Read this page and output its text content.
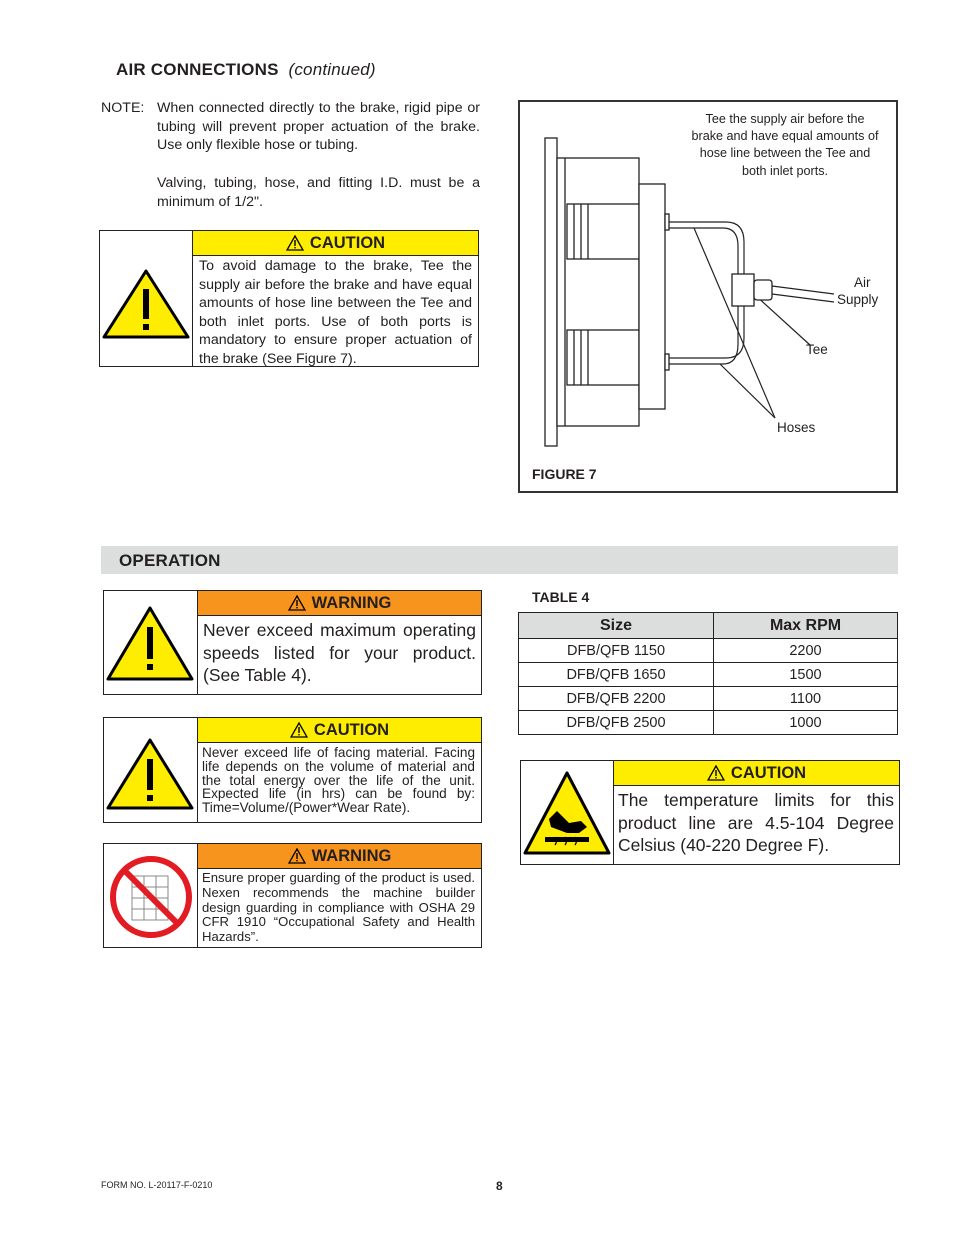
AIR CONNECTIONS (continued)
NOTE: When connected directly to the brake, rigid pipe or tubing will prevent proper actuation of the brake. Use only flexible hose or tubing.
Valving, tubing, hose, and fitting I.D. must be a minimum of 1/2".
CAUTION
To avoid damage to the brake, Tee the supply air before the brake and have equal amounts of hose line between the Tee and both inlet ports. Use of both ports is mandatory to ensure proper actuation of the brake (See Figure 7).
Tee the supply air before the brake and have equal amounts of hose line between the Tee and both inlet ports.
Air
Supply
Tee
Hoses
FIGURE 7
OPERATION
WARNING
Never exceed maximum operating speeds listed for your product. (See Table 4).
CAUTION
Never exceed life of facing material. Facing life depends on the volume of material and the total energy over the life of the unit. Expected life (in hrs) can be found by: Time=Volume/(Power*Wear Rate).
WARNING
Ensure proper guarding of the product is used. Nexen recommends the machine builder design guarding in compliance with OSHA 29 CFR 1910 “Occupational Safety and Health Hazards”.
TABLE 4
Size	Max RPM
DFB/QFB 1150	2200
DFB/QFB 1650	1500
DFB/QFB 2200	1100
DFB/QFB 2500	1000
CAUTION
The temperature limits for this product line are 4.5-104 Degree Celsius (40-220 Degree F).
FORM NO. L-20117-F-0210	8
